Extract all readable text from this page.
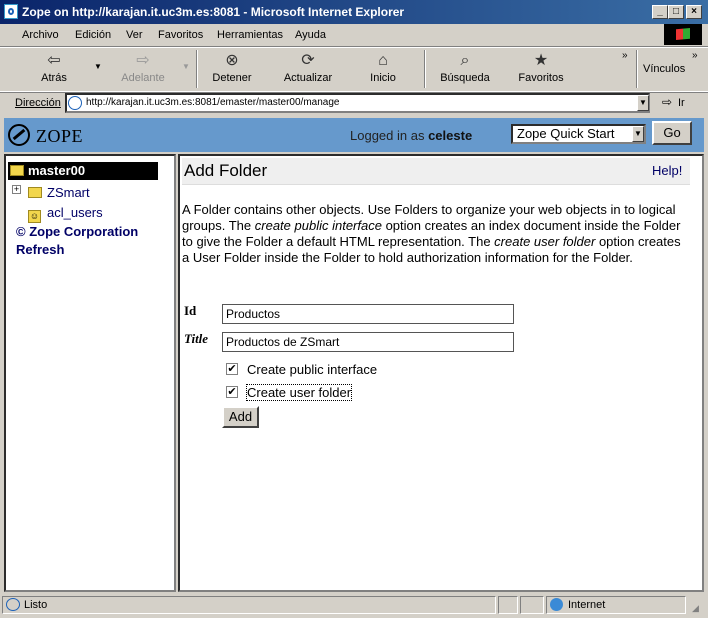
Zope on http://karajan.it.uc3m.es:8081 - Microsoft Internet Explorer	_	□	×
Archivo Edición Ver Favoritos Herramientas Ayuda
⇦
Atrás
▼	⇨
Adelante
▼	⊗
Detener
⟳
Actualizar
⌂
Inicio
⌕
Búsqueda
★
Favoritos
»
Vínculos
»
Dirección	http://karajan.it.uc3m.es:8081/emaster/master00/manage	▼ ⇨ Ir
ZOPE	Logged in as celeste	Zope Quick Start	▼	Go
master00
+	ZSmart
☺ acl_users
© Zope Corporation
Refresh
Add Folder	Help!
A Folder contains other objects. Use Folders to organize your web objects in to logical groups. The create public interface option creates an index document inside the Folder to give the Folder a default HTML representation. The create user folder option creates a User Folder inside the Folder to hold authorization information for the Folder.
Id	Productos
Title	Productos de ZSmart
✔ Create public interface
✔ Create user folder
Add
Listo	Internet	◢
